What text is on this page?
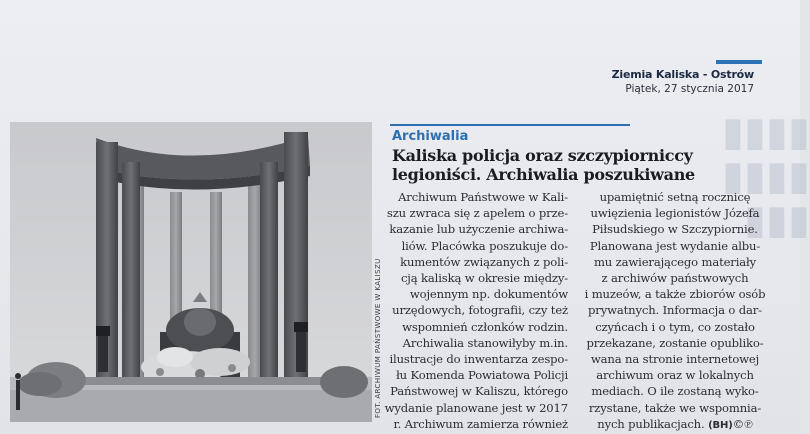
▮▮▮▮
▮▮▮▮
▮▮▮
Ziemia Kaliska - Ostrów
Piątek, 27 stycznia 2017
FOT. ARCHIWUM PAŃSTWOWE W KALISZU
Archiwalia
Kaliska policja oraz szczypiorniccy
legioniści. Archiwalia poszukiwane
Archiwum Państwowe w Kali-
szu zwraca się z apelem o prze-
kazanie lub użyczenie archiwa-
liów. Placówka poszukuje do-
kumentów związanych z poli-
cją kaliską w okresie między-
wojennym np. dokumentów
urzędowych, fotografii, czy też
wspomnień członków rodzin.
Archiwalia stanowiłyby m.in.
ilustracje do inwentarza zespo-
łu Komenda Powiatowa Policji
Państwowej w Kaliszu, którego
wydanie planowane jest w 2017
r. Archiwum zamierza również
upamiętnić setną rocznicę
uwięzienia legionistów Józefa
Piłsudskiego w Szczypiornie.
Planowana jest wydanie albu-
mu zawierającego materiały
z archiwów państwowych
i muzeów, a także zbiorów osób
prywatnych. Informacja o dar-
czyńcach i o tym, co zostało
przekazane, zostanie opubliko-
wana na stronie internetowej
archiwum oraz w lokalnych
mediach. O ile zostaną wyko-
rzystane, także we wspomnia-
nych publikacjach. (BH)©℗
